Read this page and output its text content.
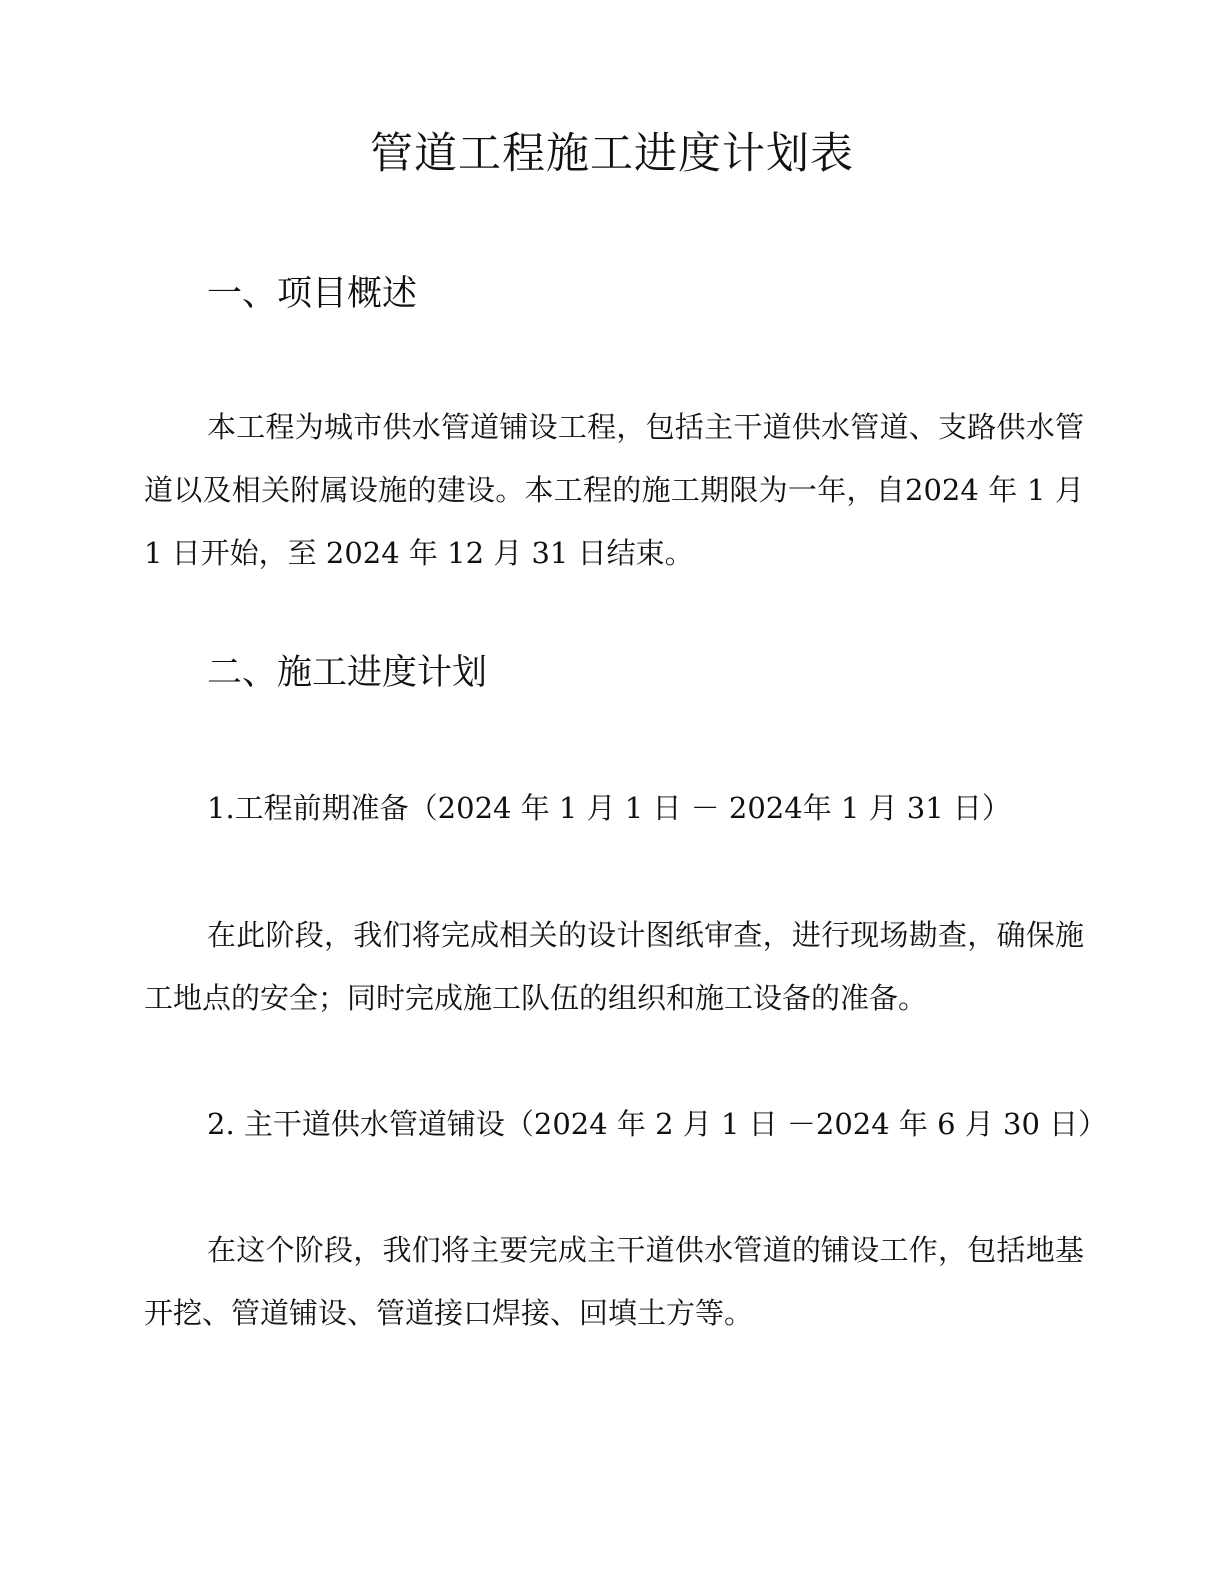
管道工程施工进度计划表
一、项目概述

本工程为城市供水管道铺设工程，包括主干道供水管道、支路供水管道以及相关附属设施的建设。本工程的施工期限为一年，自2024 年 1 月 1 日开始，至 2024 年 12 月 31 日结束。

二、施工进度计划

1.工程前期准备（2024 年 1 月 1 日 － 2024年 1 月 31 日）

在此阶段，我们将完成相关的设计图纸审查，进行现场勘查，确保施工地点的安全；同时完成施工队伍的组织和施工设备的准备。

2. 主干道供水管道铺设（2024 年 2 月 1 日 －2024 年 6 月 30 日）

在这个阶段，我们将主要完成主干道供水管道的铺设工作，包括地基开挖、管道铺设、管道接口焊接、回填土方等。
